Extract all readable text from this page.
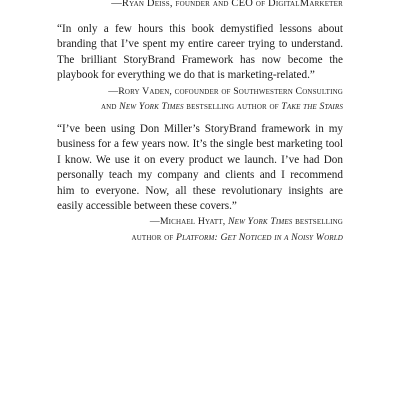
—Ryan Deiss, founder and CEO of DigitalMarketer

“In only a few hours this book demystified lessons about branding that I’ve spent my entire career trying to understand. The brilliant StoryBrand Framework has now become the playbook for everything we do that is marketing-related.”

—Rory Vaden, cofounder of Southwestern Consulting

and New York Times bestselling author of Take the Stairs

“I’ve been using Don Miller’s StoryBrand framework in my business for a few years now. It’s the single best marketing tool I know. We use it on every product we launch. I’ve had Don personally teach my company and clients and I recommend him to everyone. Now, all these revolutionary insights are easily accessible between these covers.”

—Michael Hyatt, New York Times bestselling

author of Platform: Get Noticed in a Noisy World
